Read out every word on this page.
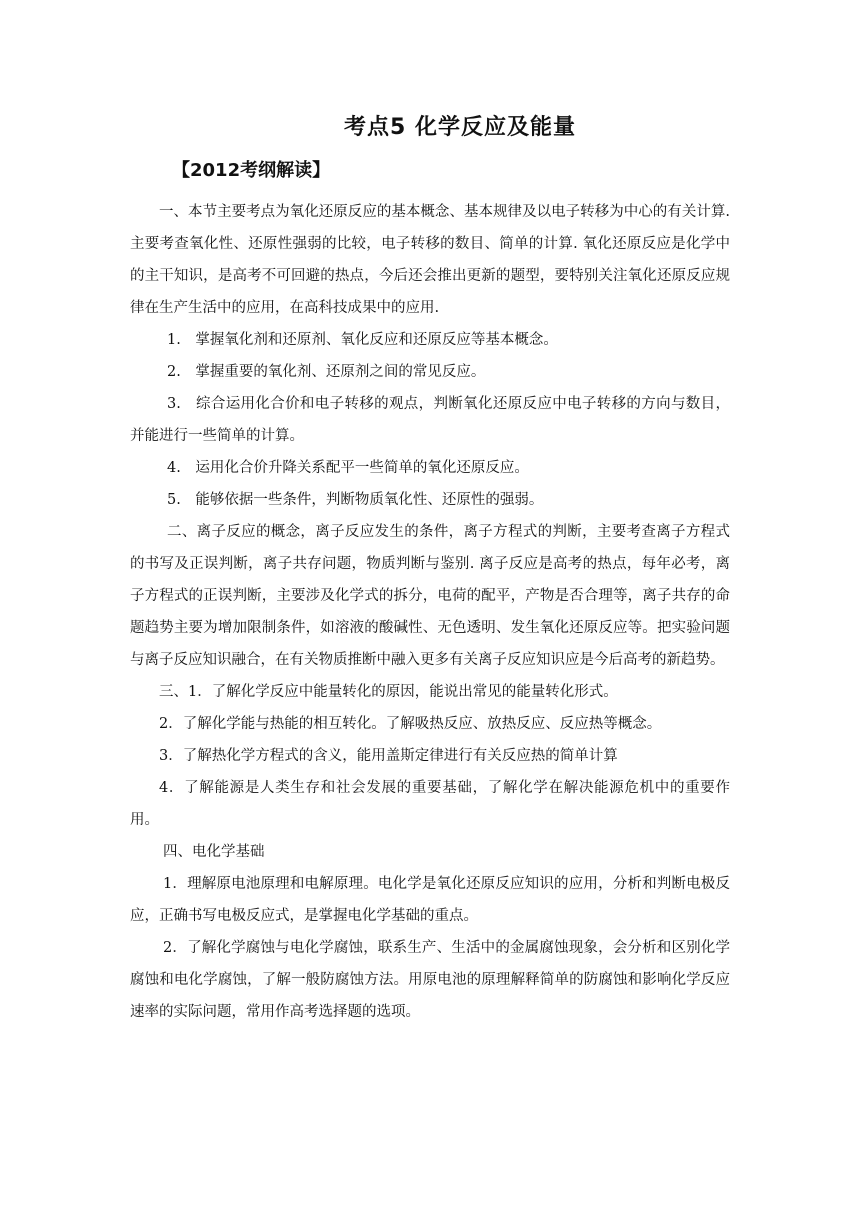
考点5 化学反应及能量
【2012考纲解读】

一、本节主要考点为氧化还原反应的基本概念、基本规律及以电子转移为中心的有关计算. 主要考查氧化性、还原性强弱的比较，电子转移的数目、简单的计算. 氧化还原反应是化学中的主干知识，是高考不可回避的热点，今后还会推出更新的题型，要特别关注氧化还原反应规律在生产生活中的应用，在高科技成果中的应用.

1.　掌握氧化剂和还原剂、氧化反应和还原反应等基本概念。

2.　掌握重要的氧化剂、还原剂之间的常见反应。

3.　综合运用化合价和电子转移的观点，判断氧化还原反应中电子转移的方向与数目，并能进行一些简单的计算。

4.　运用化合价升降关系配平一些简单的氧化还原反应。

5.　能够依据一些条件，判断物质氧化性、还原性的强弱。

二、离子反应的概念，离子反应发生的条件，离子方程式的判断，主要考查离子方程式的书写及正误判断，离子共存问题，物质判断与鉴别. 离子反应是高考的热点，每年必考，离子方程式的正误判断，主要涉及化学式的拆分，电荷的配平，产物是否合理等，离子共存的命题趋势主要为增加限制条件，如溶液的酸碱性、无色透明、发生氧化还原反应等。把实验问题与离子反应知识融合，在有关物质推断中融入更多有关离子反应知识应是今后高考的新趋势。

三、1．了解化学反应中能量转化的原因，能说出常见的能量转化形式。

2．了解化学能与热能的相互转化。了解吸热反应、放热反应、反应热等概念。

3．了解热化学方程式的含义，能用盖斯定律进行有关反应热的简单计算

4．了解能源是人类生存和社会发展的重要基础，了解化学在解决能源危机中的重要作用。

四、电化学基础

1．理解原电池原理和电解原理。电化学是氧化还原反应知识的应用，分析和判断电极反应，正确书写电极反应式，是掌握电化学基础的重点。

2．了解化学腐蚀与电化学腐蚀，联系生产、生活中的金属腐蚀现象，会分析和区别化学腐蚀和电化学腐蚀，了解一般防腐蚀方法。用原电池的原理解释简单的防腐蚀和影响化学反应速率的实际问题，常用作高考选择题的选项。
